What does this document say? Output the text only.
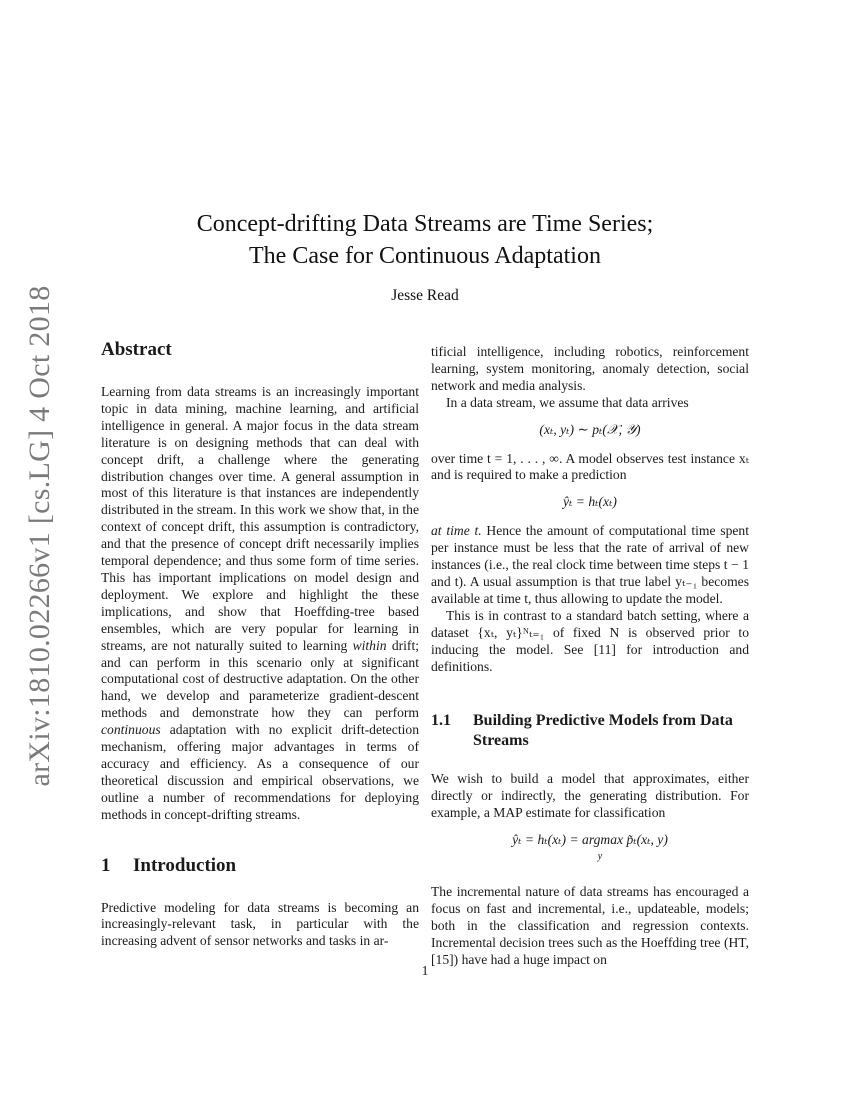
arXiv:1810.02266v1 [cs.LG] 4 Oct 2018
Concept-drifting Data Streams are Time Series;
The Case for Continuous Adaptation
Jesse Read
Abstract

Learning from data streams is an increasingly important topic in data mining, machine learning, and artificial intelligence in general. A major focus in the data stream literature is on designing methods that can deal with concept drift, a challenge where the generating distribution changes over time. A general assumption in most of this literature is that instances are independently distributed in the stream. In this work we show that, in the context of concept drift, this assumption is contradictory, and that the presence of concept drift necessarily implies temporal dependence; and thus some form of time series. This has important implications on model design and deployment. We explore and highlight the these implications, and show that Hoeffding-tree based ensembles, which are very popular for learning in streams, are not naturally suited to learning within drift; and can perform in this scenario only at significant computational cost of destructive adaptation. On the other hand, we develop and parameterize gradient-descent methods and demonstrate how they can perform continuous adaptation with no explicit drift-detection mechanism, offering major advantages in terms of accuracy and efficiency. As a consequence of our theoretical discussion and empirical observations, we outline a number of recommendations for deploying methods in concept-drifting streams.

1 Introduction

Predictive modeling for data streams is becoming an increasingly-relevant task, in particular with the increasing advent of sensor networks and tasks in ar-

tificial intelligence, including robotics, reinforcement learning, system monitoring, anomaly detection, social network and media analysis.

In a data stream, we assume that data arrives

(xₜ, yₜ) ∼ pₜ(𝒳, 𝒴)

over time t = 1, . . . , ∞. A model observes test instance xₜ and is required to make a prediction

ŷₜ = hₜ(xₜ)

at time t. Hence the amount of computational time spent per instance must be less that the rate of arrival of new instances (i.e., the real clock time between time steps t − 1 and t). A usual assumption is that true label yₜ₋₁ becomes available at time t, thus allowing to update the model.

This is in contrast to a standard batch setting, where a dataset {xₜ, yₜ}ᴺₜ₌₁ of fixed N is observed prior to inducing the model. See [11] for introduction and definitions.

1.1	Building Predictive Models from Data Streams

We wish to build a model that approximates, either directly or indirectly, the generating distribution. For example, a MAP estimate for classification

ŷₜ = hₜ(xₜ) = argmax p̃ₜ(xₜ, y)
y

The incremental nature of data streams has encouraged a focus on fast and incremental, i.e., updateable, models; both in the classification and regression contexts. Incremental decision trees such as the Hoeffding tree (HT, [15]) have had a huge impact on

1
